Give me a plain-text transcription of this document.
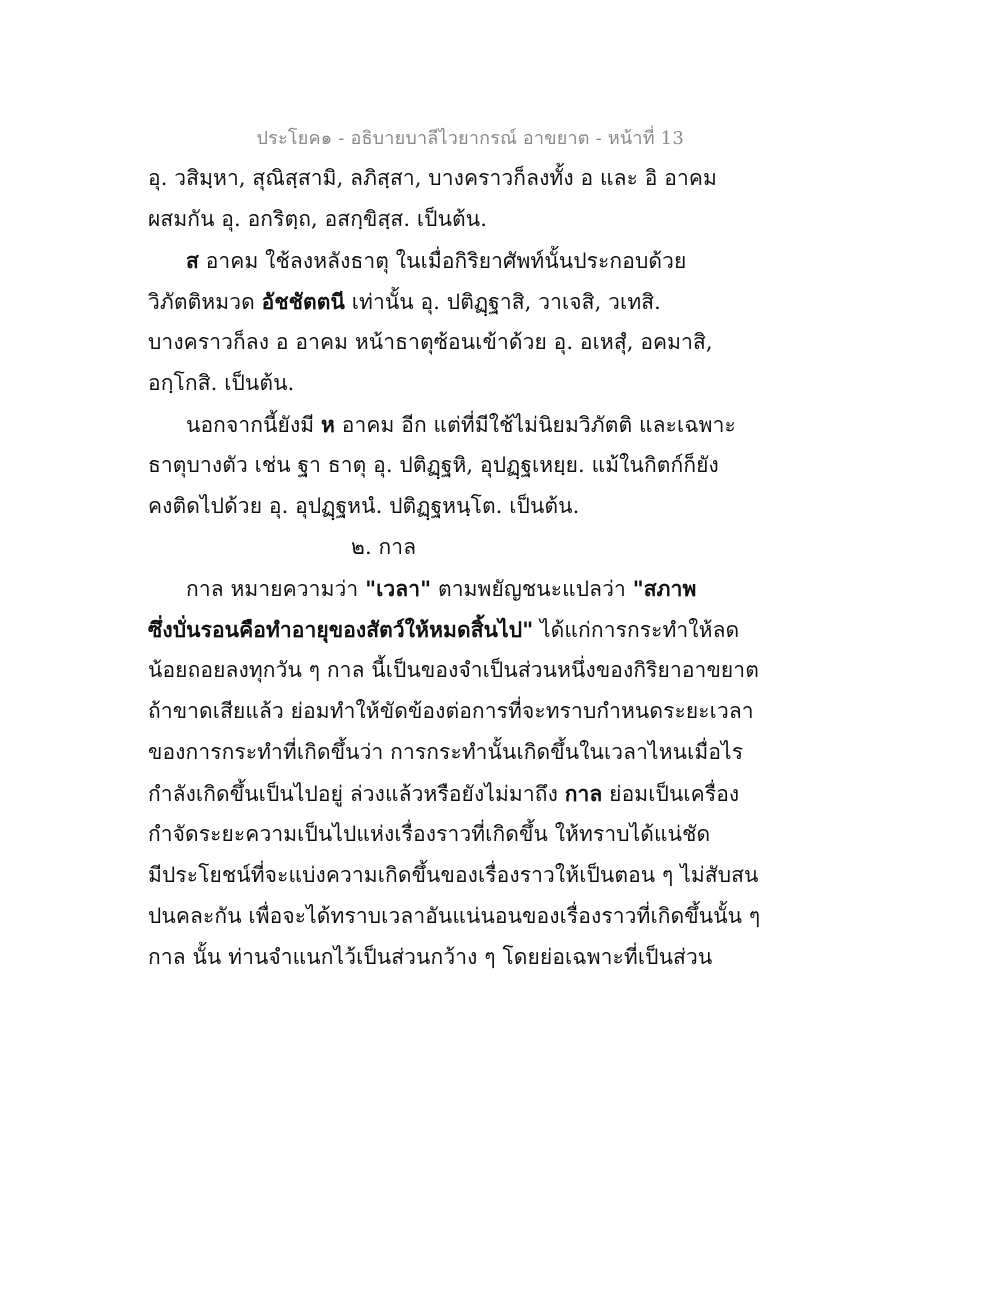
ประโยค๑ - อธิบายบาลีไวยากรณ์ อาขยาต - หน้าที่ 13
อุ. วสิมฺหา, สุณิสฺสามิ, ลภิสฺสา, บางคราวก็ลงทั้ง อ และ อิ อาคม
ผสมกัน อุ. อกริตฺถ, อสกฺขิสฺส. เป็นต้น.
ส อาคม ใช้ลงหลังธาตุ ในเมื่อกิริยาศัพท์นั้นประกอบด้วย
วิภัตติหมวด อัชชัตตนี เท่านั้น อุ. ปติฏฺฐาสิ, วาเจสิ, วเทสิ.
บางคราวก็ลง อ อาคม หน้าธาตุซ้อนเข้าด้วย อุ. อเหสุํ, อคมาสิ,
อกฺโกสิ. เป็นต้น.
นอกจากนี้ยังมี ห อาคม อีก แต่ที่มีใช้ไม่นิยมวิภัตติ และเฉพาะ
ธาตุบางตัว เช่น ฐา ธาตุ อุ. ปติฏฺฐหิ, อุปฏฺฐเหยฺย. แม้ในกิตก์ก็ยัง
คงติดไปด้วย อุ. อุปฏฺฐหนํ. ปติฏฺฐหนฺโต. เป็นต้น.
๒. กาล
กาล หมายความว่า "เวลา" ตามพยัญชนะแปลว่า "สภาพ
ซึ่งบั่นรอนคือทำอายุของสัตว์ให้หมดสิ้นไป" ได้แก่การกระทำให้ลด
น้อยถอยลงทุกวัน ๆ กาล นี้เป็นของจำเป็นส่วนหนึ่งของกิริยาอาขยาต
ถ้าขาดเสียแล้ว ย่อมทำให้ขัดข้องต่อการที่จะทราบกำหนดระยะเวลา
ของการกระทำที่เกิดขึ้นว่า การกระทำนั้นเกิดขึ้นในเวลาไหนเมื่อไร
กำลังเกิดขึ้นเป็นไปอยู่ ล่วงแล้วหรือยังไม่มาถึง กาล ย่อมเป็นเครื่อง
กำจัดระยะความเป็นไปแห่งเรื่องราวที่เกิดขึ้น ให้ทราบได้แน่ชัด
มีประโยชน์ที่จะแบ่งความเกิดขึ้นของเรื่องราวให้เป็นตอน ๆ ไม่สับสน
ปนคละกัน เพื่อจะได้ทราบเวลาอันแน่นอนของเรื่องราวที่เกิดขึ้นนั้น ๆ
กาล นั้น ท่านจำแนกไว้เป็นส่วนกว้าง ๆ โดยย่อเฉพาะที่เป็นส่วน
